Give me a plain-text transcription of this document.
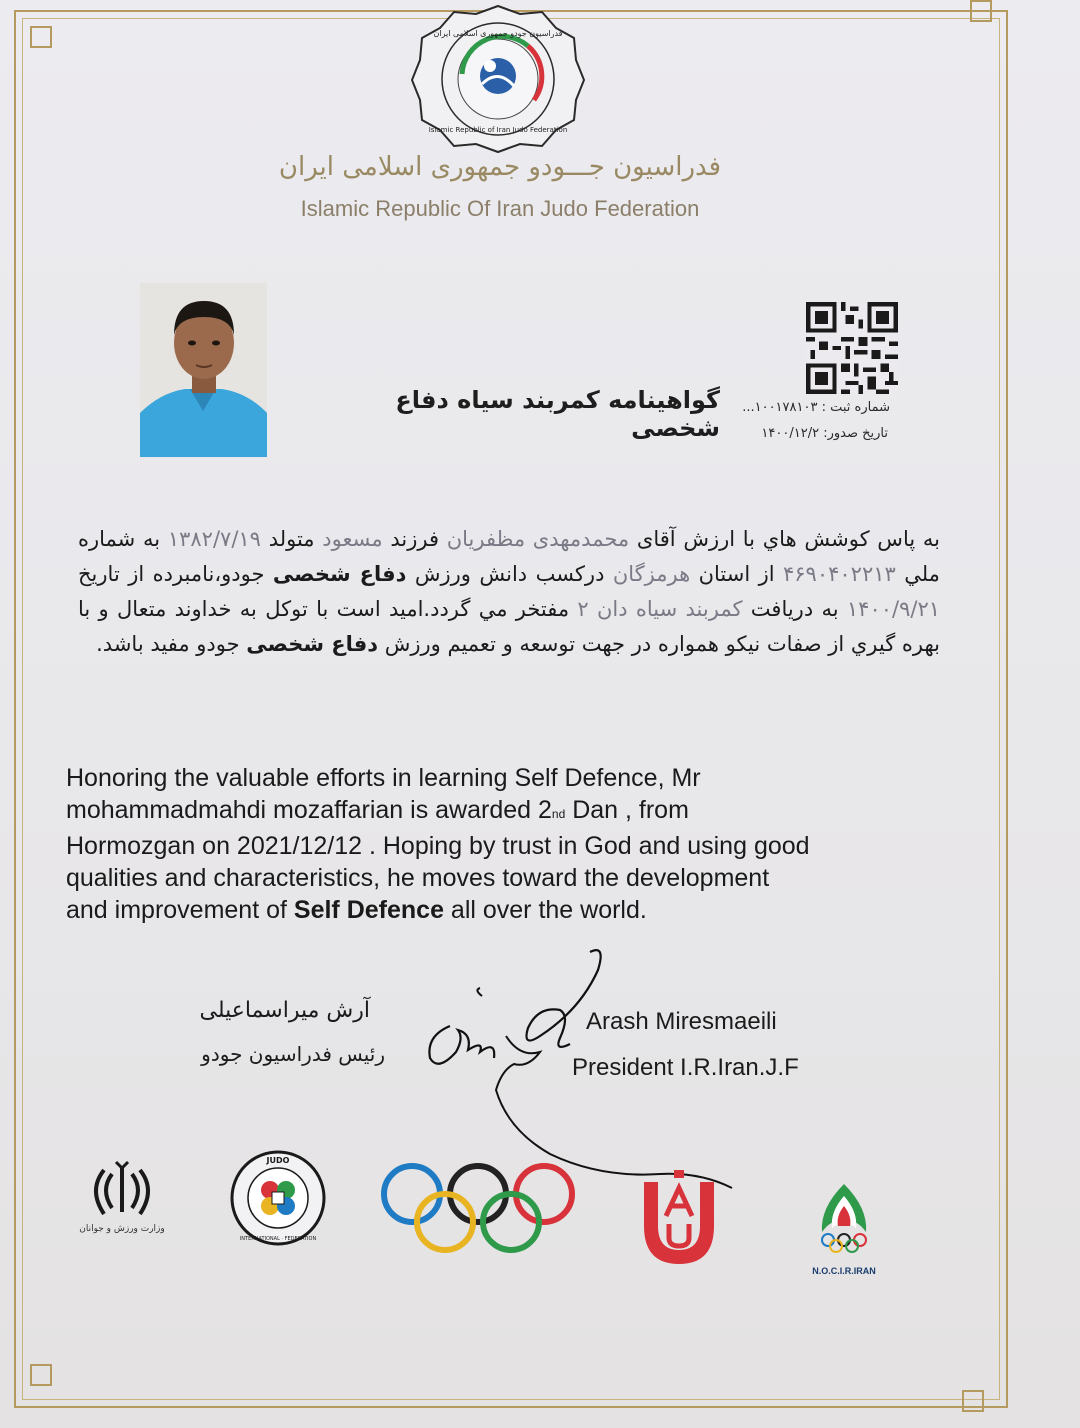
فدراسیون جودو جمهوری اسلامی ایران
Islamic Republic of Iran Judo Federation
فدراسیون جـــودو جمهوری اسلامی ایران
Islamic Republic Of Iran Judo Federation
گواهینامه کمربند سیاه دفاع شخصی
شماره ثبت : ۱۰۰۱۷۸۱۰۳...
تاریخ صدور: ۱۴۰۰/۱۲/۲
به پاس کوشش هاي با ارزش آقای محمدمهدی مظفریان فرزند مسعود متولد ۱۳۸۲/۷/۱۹ به شماره ملي ۴۶۹۰۴۰۲۲۱۳ از استان هرمزگان درکسب دانش ورزش دفاع شخصی جودو،نامبرده از تاریخ ۱۴۰۰/۹/۲۱ به دریافت کمربند سیاه دان ۲ مفتخر مي گردد.امید است با توکل به خداوند متعال و با بهره گيري از صفات نيكو همواره در جهت توسعه و تعميم ورزش دفاع شخصی جودو مفید باشد.
Honoring the valuable efforts in learning Self Defence, Mr
mohammadmahdi mozaffarian is awarded 2nd Dan , from
Hormozgan on 2021/12/12 . Hoping by trust in God and using good
qualities and characteristics, he moves toward the development
and improvement of Self Defence all over the world.
آرش میراسماعیلی
رئیس فدراسیون جودو
Arash Miresmaeili
President I.R.Iran.J.F
وزارت ورزش و جوانان
JUDO
INTERNATIONAL · FEDERATION
N.O.C.I.R.IRAN
